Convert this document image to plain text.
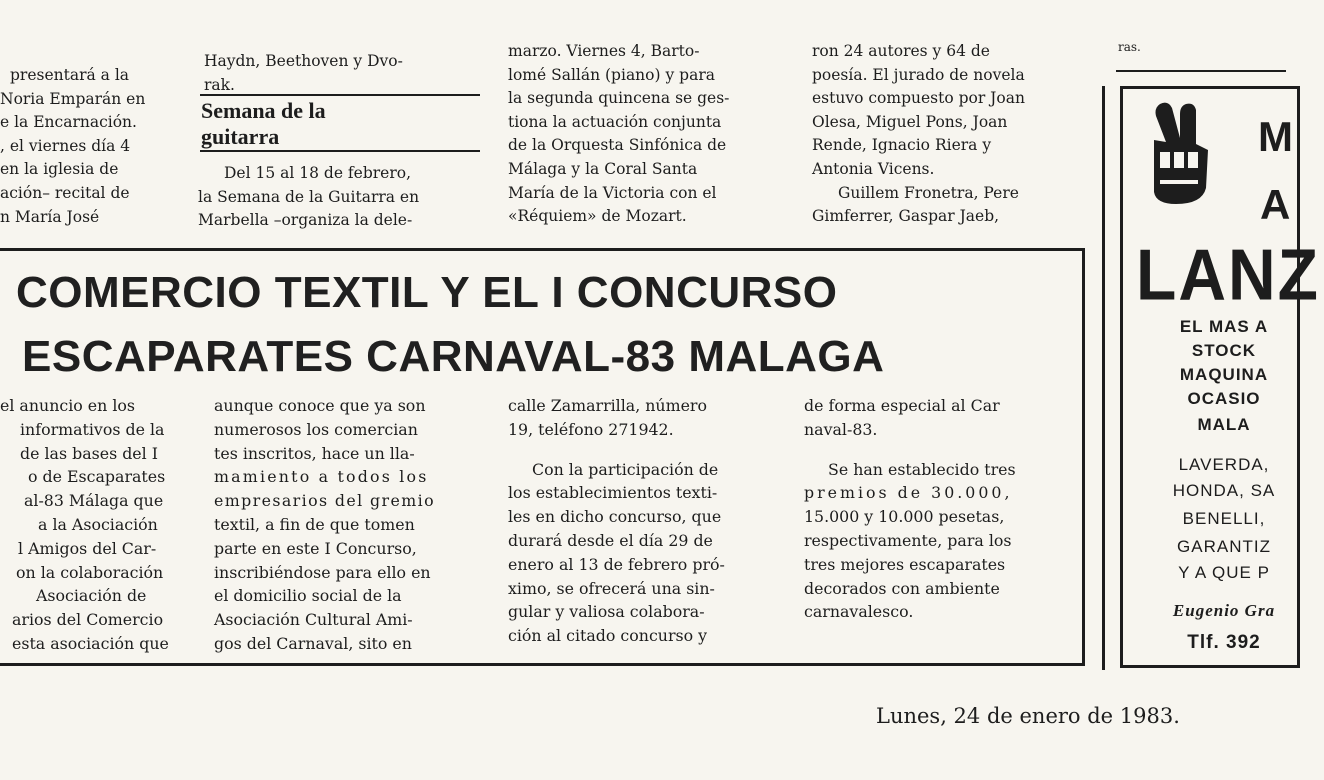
presentará a la
Noria Emparán en
e la Encarnación.
, el viernes día 4
en la iglesia de
ación– recital de
n María José
Haydn, Beethoven y Dvo-
rak.
Semana de la
guitarra
Del 15 al 18 de febrero,
la Semana de la Guitarra en
Marbella –organiza la dele-
marzo. Viernes 4, Barto-
lomé Sallán (piano) y para
la segunda quincena se ges-
tiona la actuación conjunta
de la Orquesta Sinfónica de
Málaga y la Coral Santa
María de la Victoria con el
«Réquiem» de Mozart.
ron 24 autores y 64 de
poesía. El jurado de novela
estuvo compuesto por Joan
Olesa, Miguel Pons, Joan
Rende, Ignacio Riera y
Antonia Vicens.
Guillem Fronetra, Pere
Gimferrer, Gaspar Jaeb,
ras.
COMERCIO TEXTIL Y EL I CONCURSO
ESCAPARATES CARNAVAL-83 MALAGA
el anuncio en los
informativos de la
de las bases del I
o de Escaparates
al-83 Málaga que
a la Asociación
l Amigos del Car-
on la colaboración
Asociación de
arios del Comercio
esta asociación que
aunque conoce que ya son
numerosos los comercian
tes inscritos, hace un lla-
mamiento a todos los
empresarios del gremio
textil, a fin de que tomen
parte en este I Concurso,
inscribiéndose para ello en
el domicilio social de la
Asociación Cultural Ami-
gos del Carnaval, sito en
calle Zamarrilla, número
19, teléfono 271942.
Con la participación de
los establecimientos texti-
les en dicho concurso, que
durará desde el día 29 de
enero al 13 de febrero pró-
ximo, se ofrecerá una sin-
gular y valiosa colabora-
ción al citado concurso y
de forma especial al Car
naval-83.
Se han establecido tres
premios de 30.000,
15.000 y 10.000 pesetas,
respectivamente, para los
tres mejores escaparates
decorados con ambiente
carnavalesco.
M
A
LANZ
EL MAS A
STOCK
MAQUINA
OCASIO
MALA
LAVERDA,
HONDA, SA
BENELLI,
GARANTIZ
Y A QUE P
Eugenio Gra
Tlf. 392
Lunes, 24 de enero de 1983.
